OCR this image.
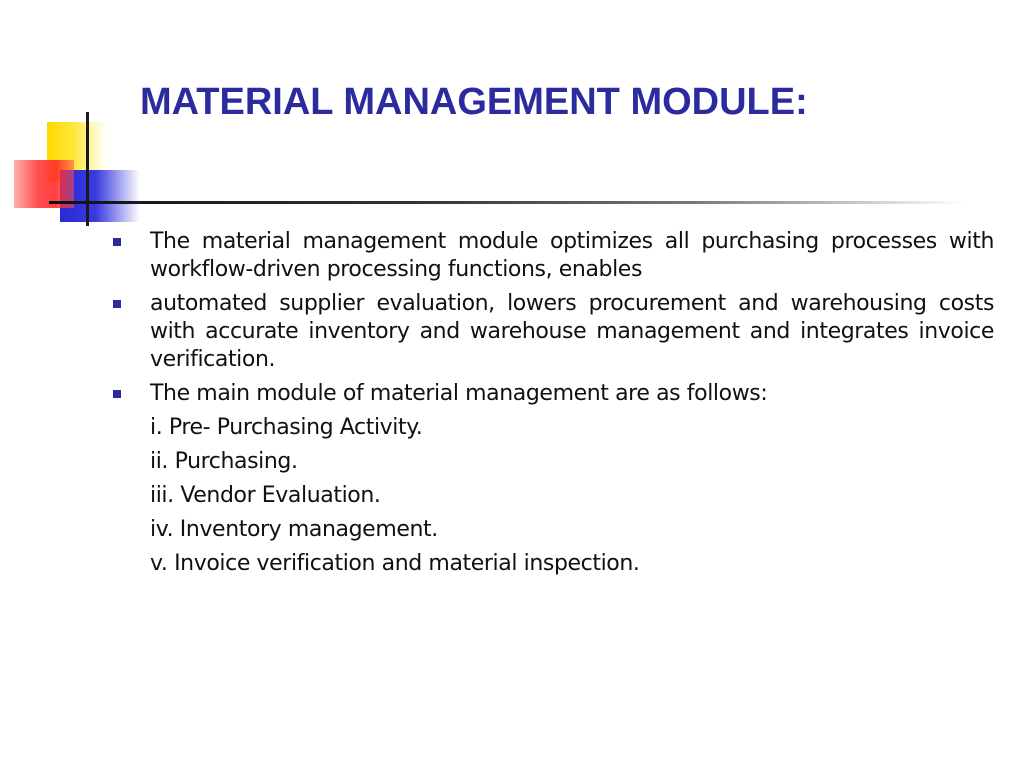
MATERIAL MANAGEMENT MODULE:
The material management module optimizes all purchasing processes with workflow-driven processing functions, enables
automated supplier evaluation, lowers procurement and warehousing costs with accurate inventory and warehouse management and integrates invoice verification.
The main module of material management are as follows:
i. Pre- Purchasing Activity.
ii. Purchasing.
iii. Vendor Evaluation.
iv. Inventory management.
v. Invoice verification and material inspection.
